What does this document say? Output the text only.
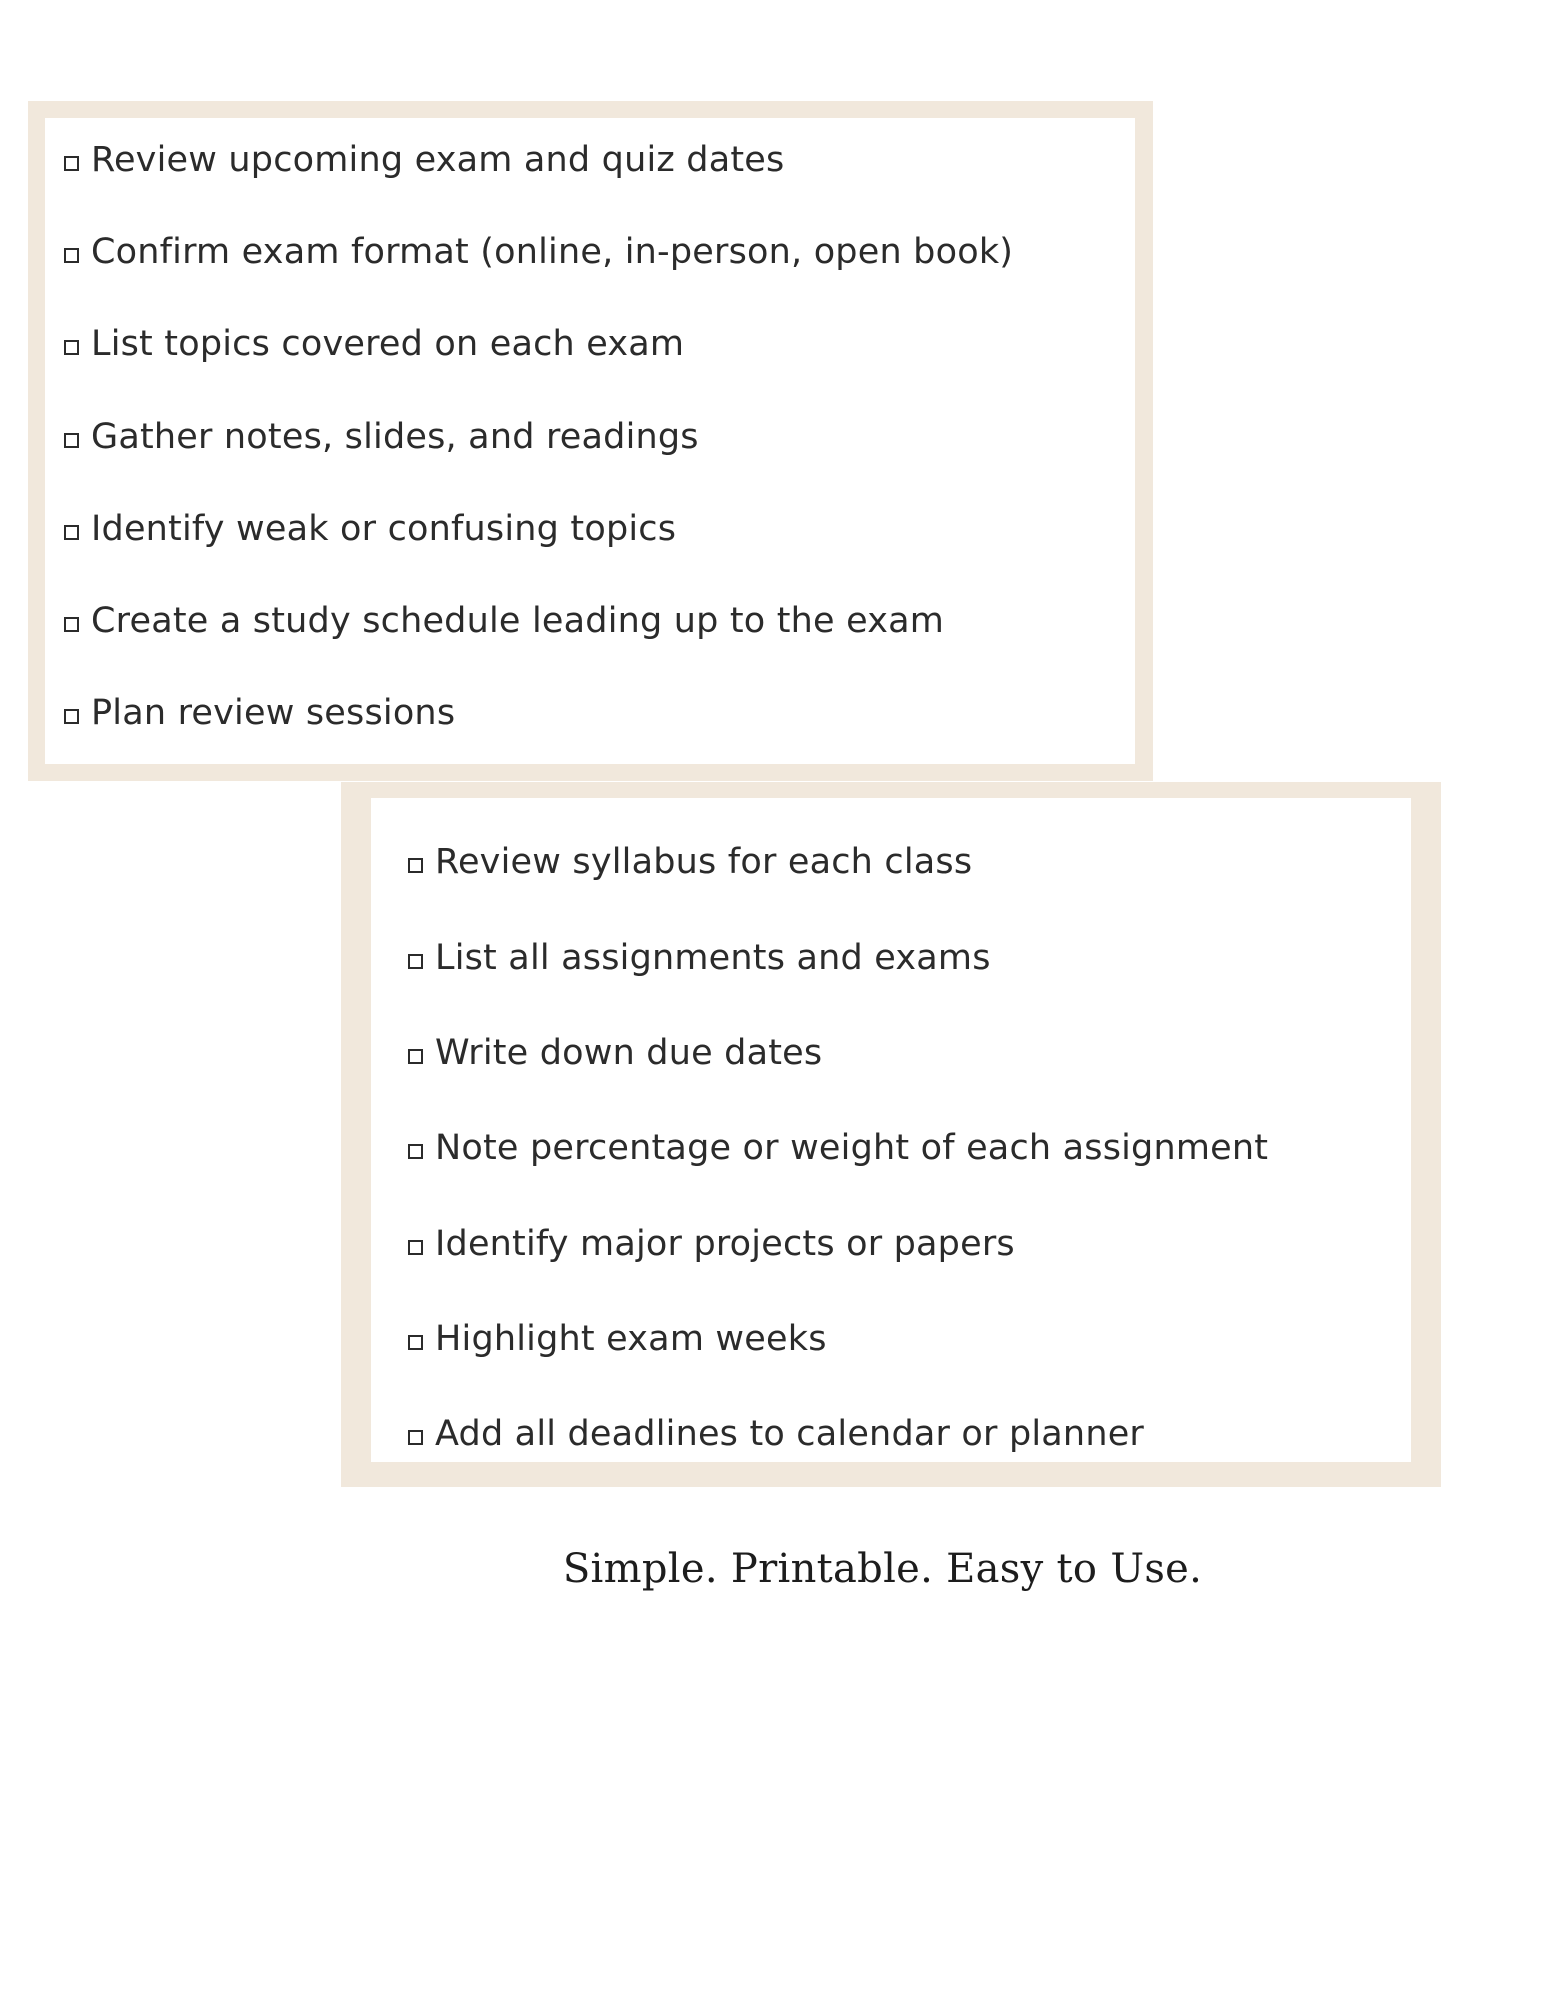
Review upcoming exam and quiz dates
Confirm exam format (online, in-person, open book)
List topics covered on each exam
Gather notes, slides, and readings
Identify weak or confusing topics
Create a study schedule leading up to the exam
Plan review sessions
Review syllabus for each class
List all assignments and exams
Write down due dates
Note percentage or weight of each assignment
Identify major projects or papers
Highlight exam weeks
Add all deadlines to calendar or planner
Simple. Printable. Easy to Use.
